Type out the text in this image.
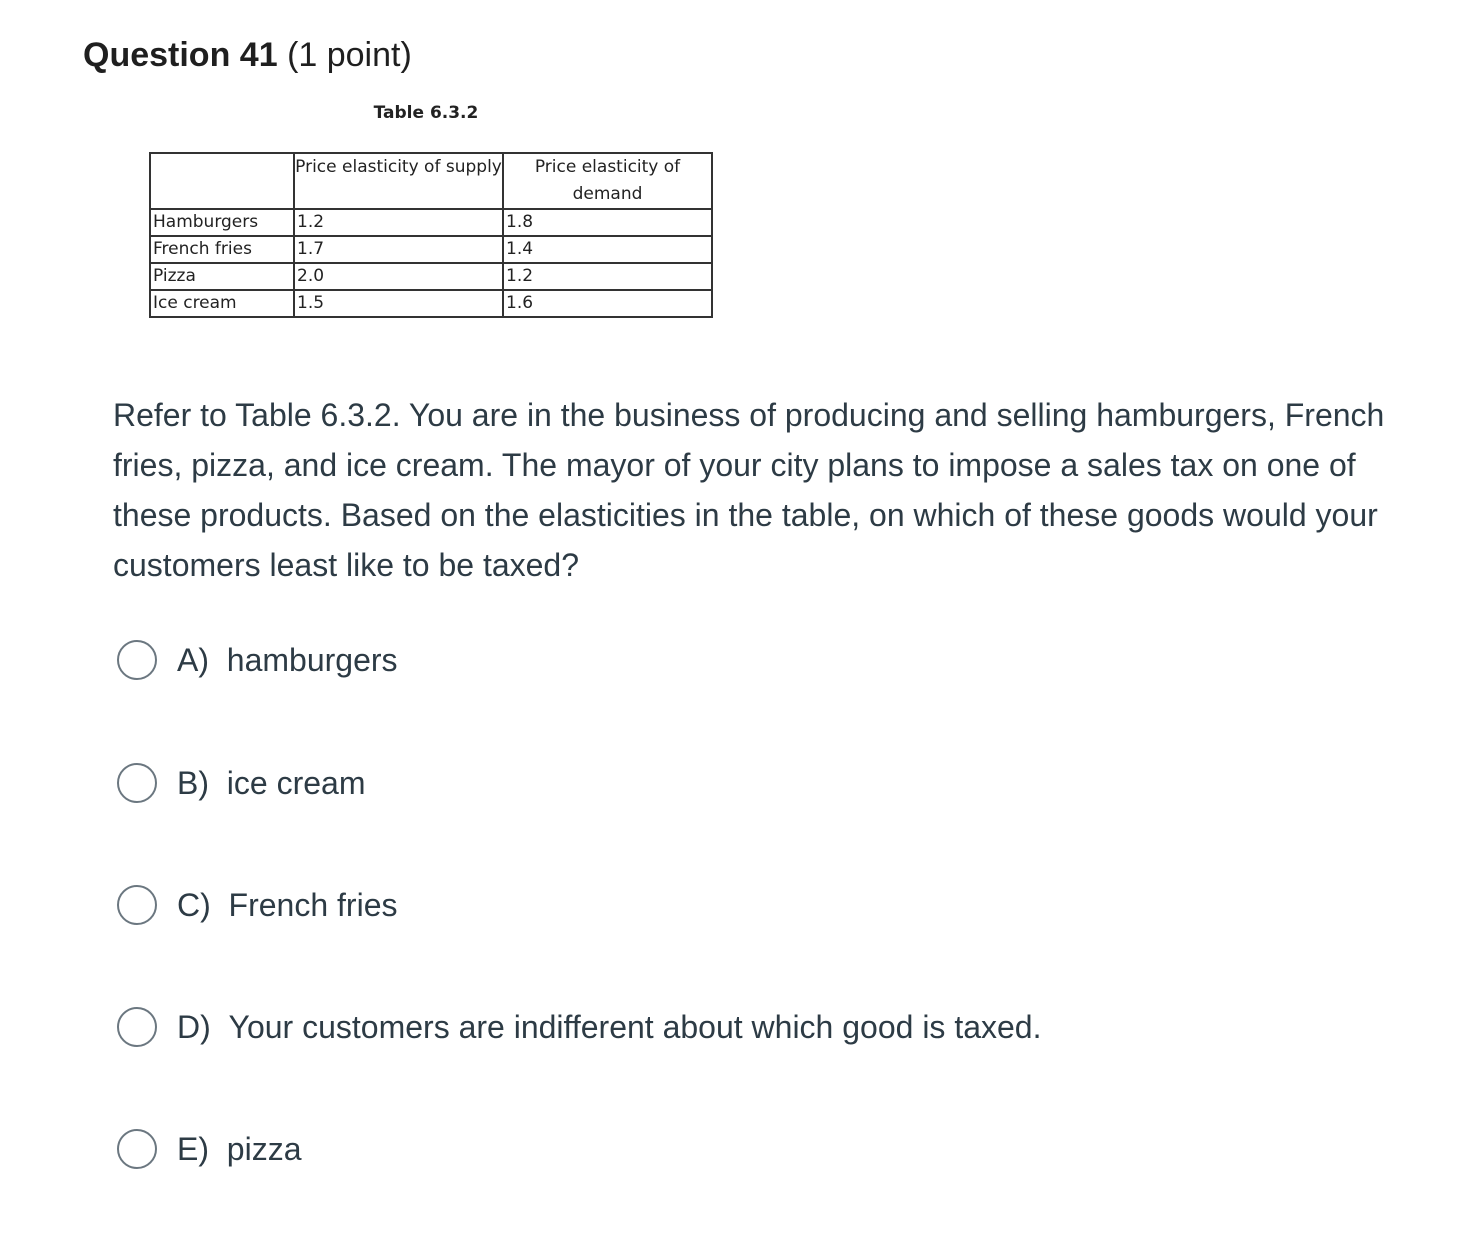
Question 41 (1 point)
Table 6.3.2
	Price elasticity of supply	Price elasticity of demand
Hamburgers	1.2	1.8
French fries	1.7	1.4
Pizza	2.0	1.2
Ice cream	1.5	1.6
Refer to Table 6.3.2. You are in the business of producing and selling hamburgers, French fries, pizza, and ice cream. The mayor of your city plans to impose a sales tax on one of these products. Based on the elasticities in the table, on which of these goods would your customers least like to be taxed?
A) hamburgers
B) ice cream
C) French fries
D) Your customers are indifferent about which good is taxed.
E) pizza
